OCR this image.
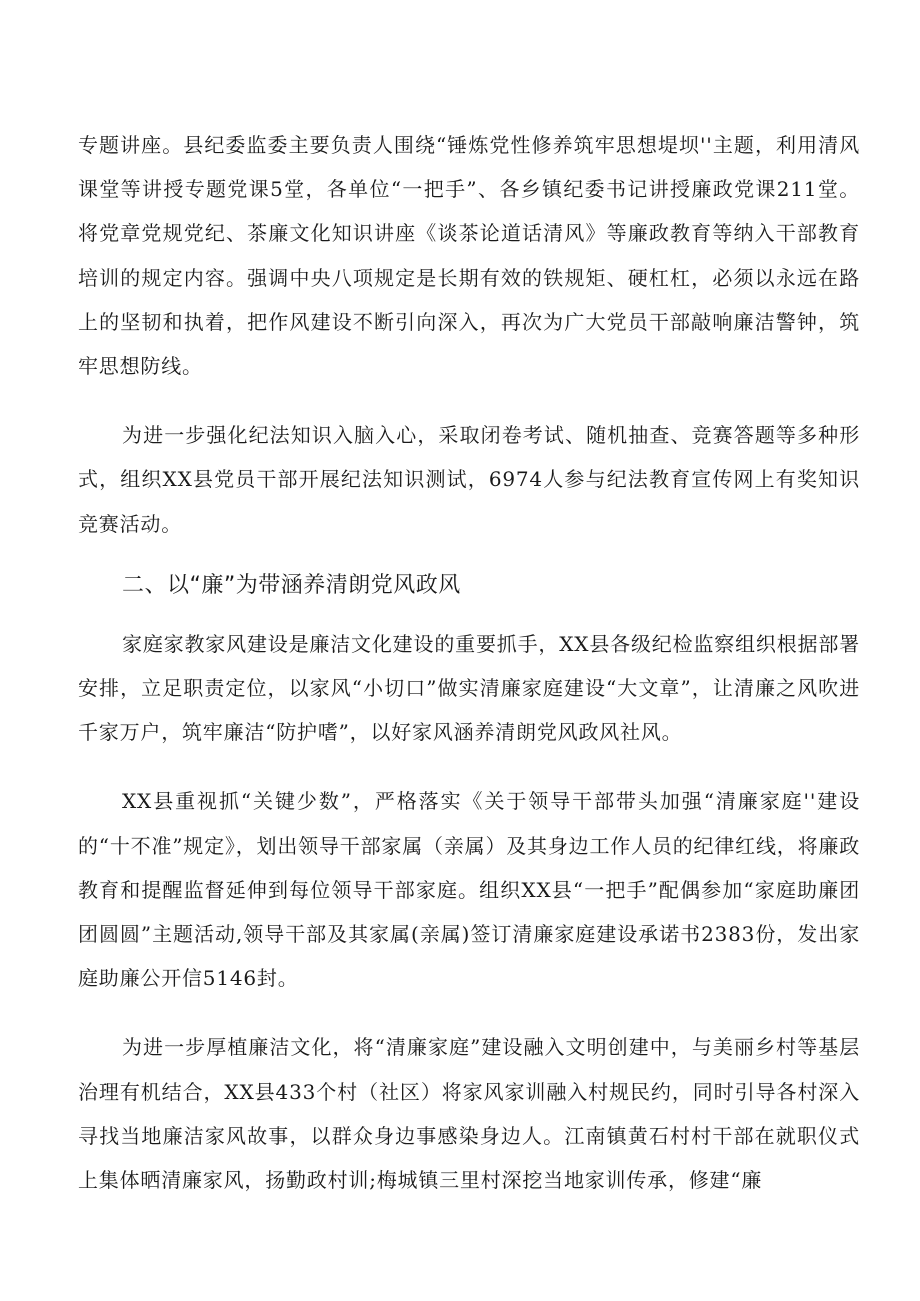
专题讲座。县纪委监委主要负责人围绕“锤炼党性修养筑牢思想堤坝''主题，利用清风课堂等讲授专题党课5堂，各单位“一把手”、各乡镇纪委书记讲授廉政党课211堂。将党章党规党纪、茶廉文化知识讲座《谈茶论道话清风》等廉政教育等纳入干部教育培训的规定内容。强调中央八项规定是长期有效的铁规矩、硬杠杠，必须以永远在路上的坚韧和执着，把作风建设不断引向深入，再次为广大党员干部敲响廉洁警钟，筑牢思想防线。

为进一步强化纪法知识入脑入心，采取闭卷考试、随机抽查、竞赛答题等多种形式，组织XX县党员干部开展纪法知识测试，6974人参与纪法教育宣传网上有奖知识竞赛活动。

二、以“廉”为带涵养清朗党风政风

家庭家教家风建设是廉洁文化建设的重要抓手，XX县各级纪检监察组织根据部署安排，立足职责定位，以家风“小切口”做实清廉家庭建设“大文章”，让清廉之风吹进千家万户，筑牢廉洁“防护嗜”，以好家风涵养清朗党风政风社风。

XX县重视抓“关键少数”，严格落实《关于领导干部带头加强“清廉家庭''建设的“十不准”规定》，划出领导干部家属（亲属）及其身边工作人员的纪律红线，将廉政教育和提醒监督延伸到每位领导干部家庭。组织XX县“一把手”配偶参加“家庭助廉团团圆圆”主题活动,领导干部及其家属(亲属)签订清廉家庭建设承诺书2383份，发出家庭助廉公开信5146封。

为进一步厚植廉洁文化，将“清廉家庭”建设融入文明创建中，与美丽乡村等基层治理有机结合，XX县433个村（社区）将家风家训融入村规民约，同时引导各村深入寻找当地廉洁家风故事，以群众身边事感染身边人。江南镇黄石村村干部在就职仪式上集体晒清廉家风，扬勤政村训;梅城镇三里村深挖当地家训传承，修建“廉
